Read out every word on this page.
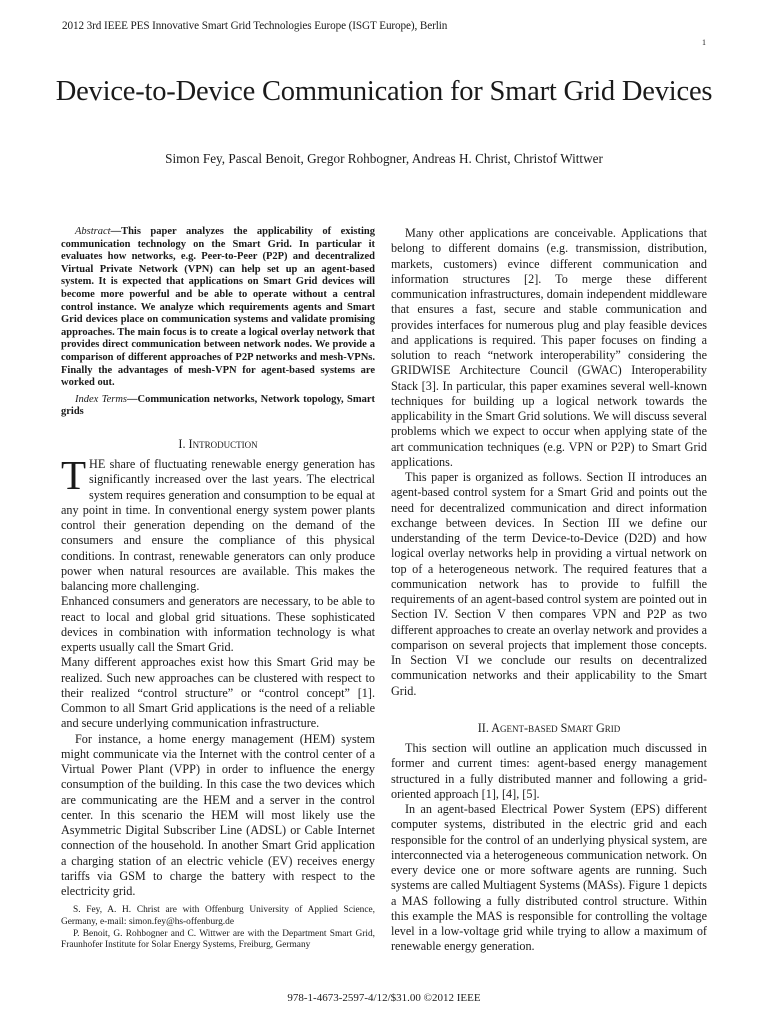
2012 3rd IEEE PES Innovative Smart Grid Technologies Europe (ISGT Europe), Berlin
1
Device-to-Device Communication for Smart Grid Devices
Simon Fey, Pascal Benoit, Gregor Rohbogner, Andreas H. Christ, Christof Wittwer

Abstract—This paper analyzes the applicability of existing communication technology on the Smart Grid. In particular it evaluates how networks, e.g. Peer-to-Peer (P2P) and decentralized Virtual Private Network (VPN) can help set up an agent-based system. It is expected that applications on Smart Grid devices will become more powerful and be able to operate without a central control instance. We analyze which requirements agents and Smart Grid devices place on communication systems and validate promising approaches. The main focus is to create a logical overlay network that provides direct communication between network nodes. We provide a comparison of different approaches of P2P networks and mesh-VPNs. Finally the advantages of mesh-VPN for agent-based systems are worked out.

Index Terms—Communication networks, Network topology, Smart grids

I. Introduction

THE share of fluctuating renewable energy generation has significantly increased over the last years. The electrical system requires generation and consumption to be equal at any point in time. In conventional energy system power plants control their generation depending on the demand of the consumers and ensure the compliance of this physical conditions. In contrast, renewable generators can only produce power when natural resources are available. This makes the balancing more challenging.

Enhanced consumers and generators are necessary, to be able to react to local and global grid situations. These sophisticated devices in combination with information technology is what experts usually call the Smart Grid.

Many different approaches exist how this Smart Grid may be realized. Such new approaches can be clustered with respect to their realized “control structure” or “control concept” [1]. Common to all Smart Grid applications is the need of a reliable and secure underlying communication infrastructure.

For instance, a home energy management (HEM) system might communicate via the Internet with the control center of a Virtual Power Plant (VPP) in order to influence the energy consumption of the building. In this case the two devices which are communicating are the HEM and a server in the control center. In this scenario the HEM will most likely use the Asymmetric Digital Subscriber Line (ADSL) or Cable Internet connection of the household. In another Smart Grid application a charging station of an electric vehicle (EV) receives energy tariffs via GSM to charge the battery with respect to the electricity grid.

S. Fey, A. H. Christ are with Offenburg University of Applied Science, Germany, e-mail: simon.fey@hs-offenburg.de

P. Benoit, G. Rohbogner and C. Wittwer are with the Department Smart Grid, Fraunhofer Institute for Solar Energy Systems, Freiburg, Germany

Many other applications are conceivable. Applications that belong to different domains (e.g. transmission, distribution, markets, customers) evince different communication and information structures [2]. To merge these different communication infrastructures, domain independent middleware that ensures a fast, secure and stable communication and provides interfaces for numerous plug and play feasible devices and applications is required. This paper focuses on finding a solution to reach “network interoperability” considering the GRIDWISE Architecture Council (GWAC) Interoperability Stack [3]. In particular, this paper examines several well-known techniques for building up a logical network towards the applicability in the Smart Grid solutions. We will discuss several problems which we expect to occur when applying state of the art communication techniques (e.g. VPN or P2P) to Smart Grid applications.

This paper is organized as follows. Section II introduces an agent-based control system for a Smart Grid and points out the need for decentralized communication and direct information exchange between devices. In Section III we define our understanding of the term Device-to-Device (D2D) and how logical overlay networks help in providing a virtual network on top of a heterogeneous network. The required features that a communication network has to provide to fulfill the requirements of an agent-based control system are pointed out in Section IV. Section V then compares VPN and P2P as two different approaches to create an overlay network and provides a comparison on several projects that implement those concepts. In Section VI we conclude our results on decentralized communication networks and their applicability to the Smart Grid.

II. Agent-based Smart Grid

This section will outline an application much discussed in former and current times: agent-based energy management structured in a fully distributed manner and following a grid-oriented approach [1], [4], [5].

In an agent-based Electrical Power System (EPS) different computer systems, distributed in the electric grid and each responsible for the control of an underlying physical system, are interconnected via a heterogeneous communication network. On every device one or more software agents are running. Such systems are called Multiagent Systems (MASs). Figure 1 depicts a MAS following a fully distributed control structure. Within this example the MAS is responsible for controlling the voltage level in a low-voltage grid while trying to allow a maximum of renewable energy generation.

978-1-4673-2597-4/12/$31.00 ©2012 IEEE
